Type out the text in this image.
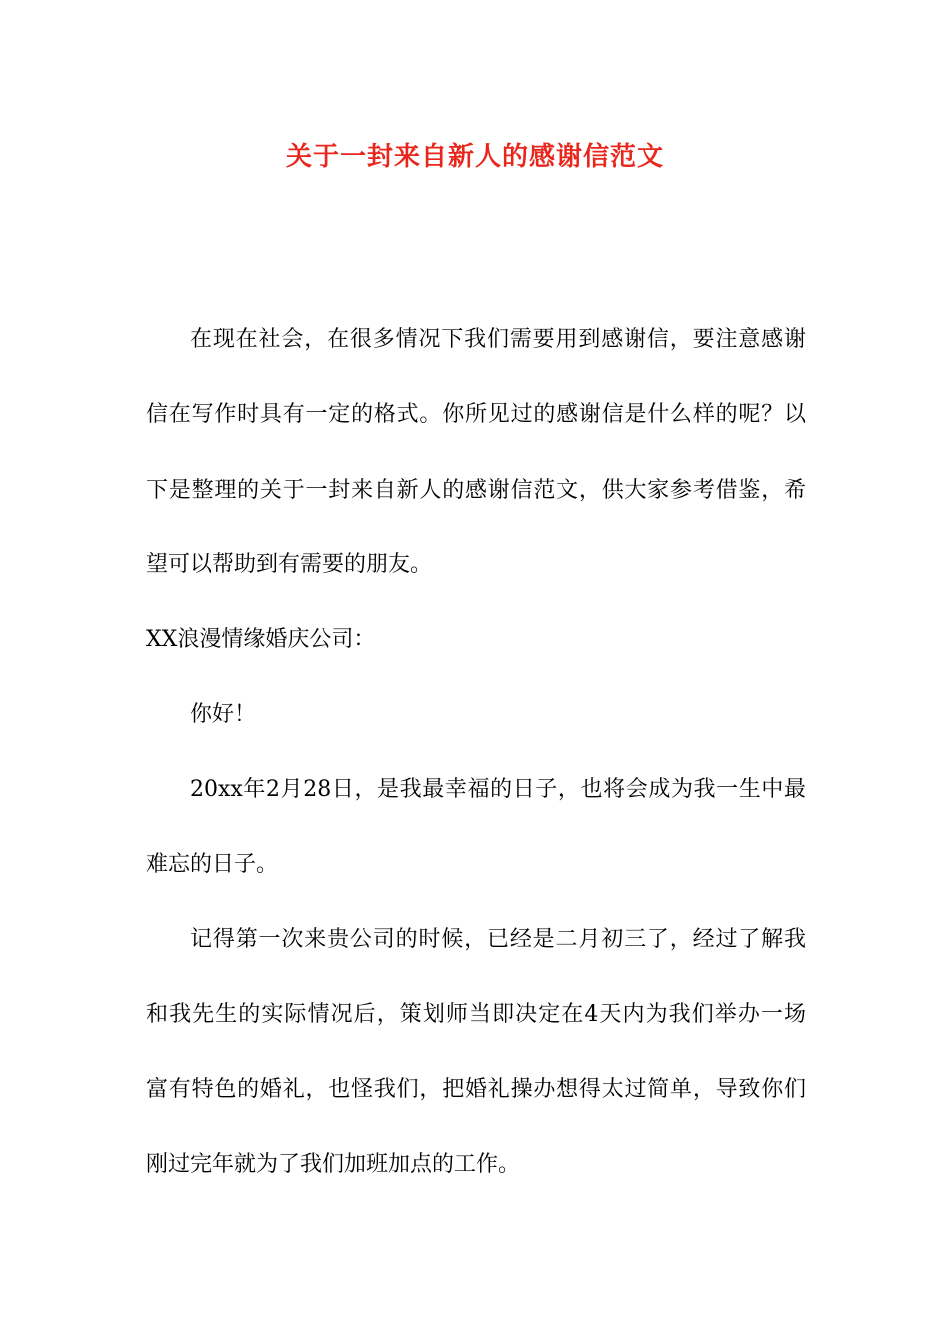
关于一封来自新人的感谢信范文
在现在社会，在很多情况下我们需要用到感谢信，要注意感谢
信在写作时具有一定的格式。你所见过的感谢信是什么样的呢？以
下是整理的关于一封来自新人的感谢信范文，供大家参考借鉴，希
望可以帮助到有需要的朋友。
XX浪漫情缘婚庆公司：
你好！
20xx年2月28日，是我最幸福的日子，也将会成为我一生中最
难忘的日子。
记得第一次来贵公司的时候，已经是二月初三了，经过了解我
和我先生的实际情况后，策划师当即决定在4天内为我们举办一场
富有特色的婚礼，也怪我们，把婚礼操办想得太过简单，导致你们
刚过完年就为了我们加班加点的工作。
